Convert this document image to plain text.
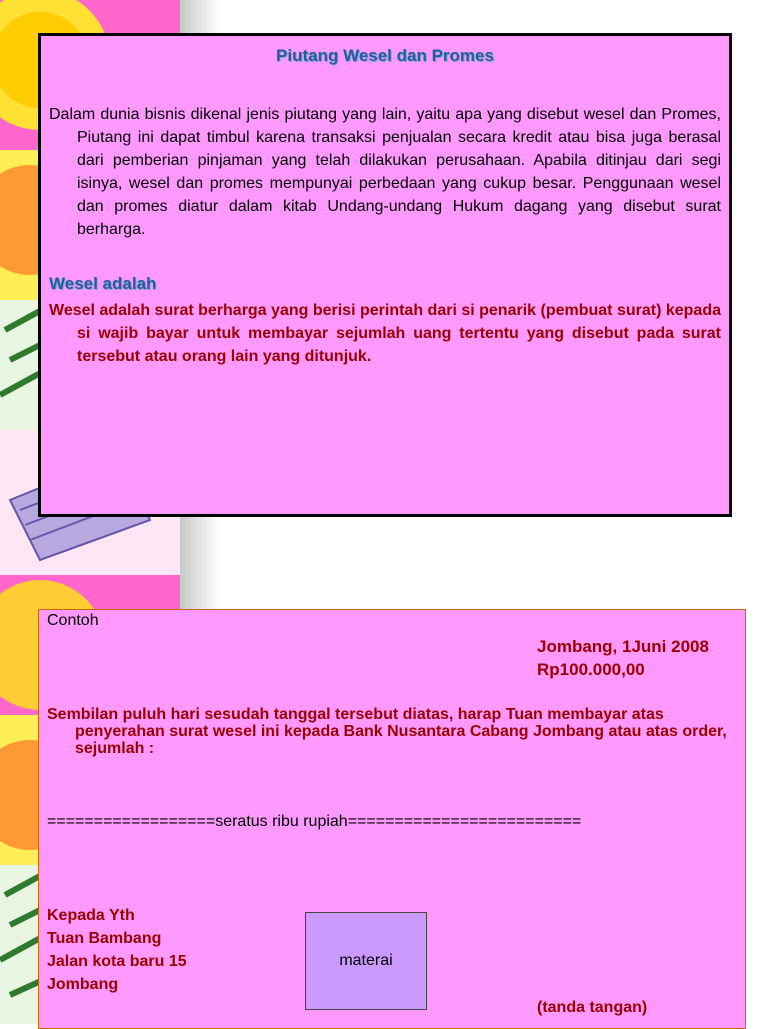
Piutang Wesel dan Promes

Dalam dunia bisnis dikenal jenis piutang yang lain, yaitu apa yang disebut wesel dan Promes, Piutang ini dapat timbul karena transaksi penjualan secara kredit atau bisa juga berasal dari pemberian pinjaman yang telah dilakukan perusahaan. Apabila ditinjau dari segi isinya, wesel dan promes mempunyai perbedaan yang cukup besar. Penggunaan wesel dan promes diatur dalam kitab Undang-undang Hukum dagang yang disebut surat berharga.

Wesel adalah

Wesel adalah surat berharga yang berisi perintah dari si penarik (pembuat surat) kepada si wajib bayar untuk membayar sejumlah uang tertentu yang disebut pada surat tersebut atau orang lain yang ditunjuk.

Contoh

Jombang, 1Juni 2008
Rp100.000,00

Sembilan puluh hari sesudah tanggal tersebut diatas, harap Tuan membayar atas penyerahan surat wesel ini kepada Bank Nusantara Cabang Jombang atau atas order, sejumlah :

==================seratus ribu rupiah=========================

Kepada Yth
Tuan Bambang
Jalan kota baru 15
Jombang
materai
(tanda tangan)
